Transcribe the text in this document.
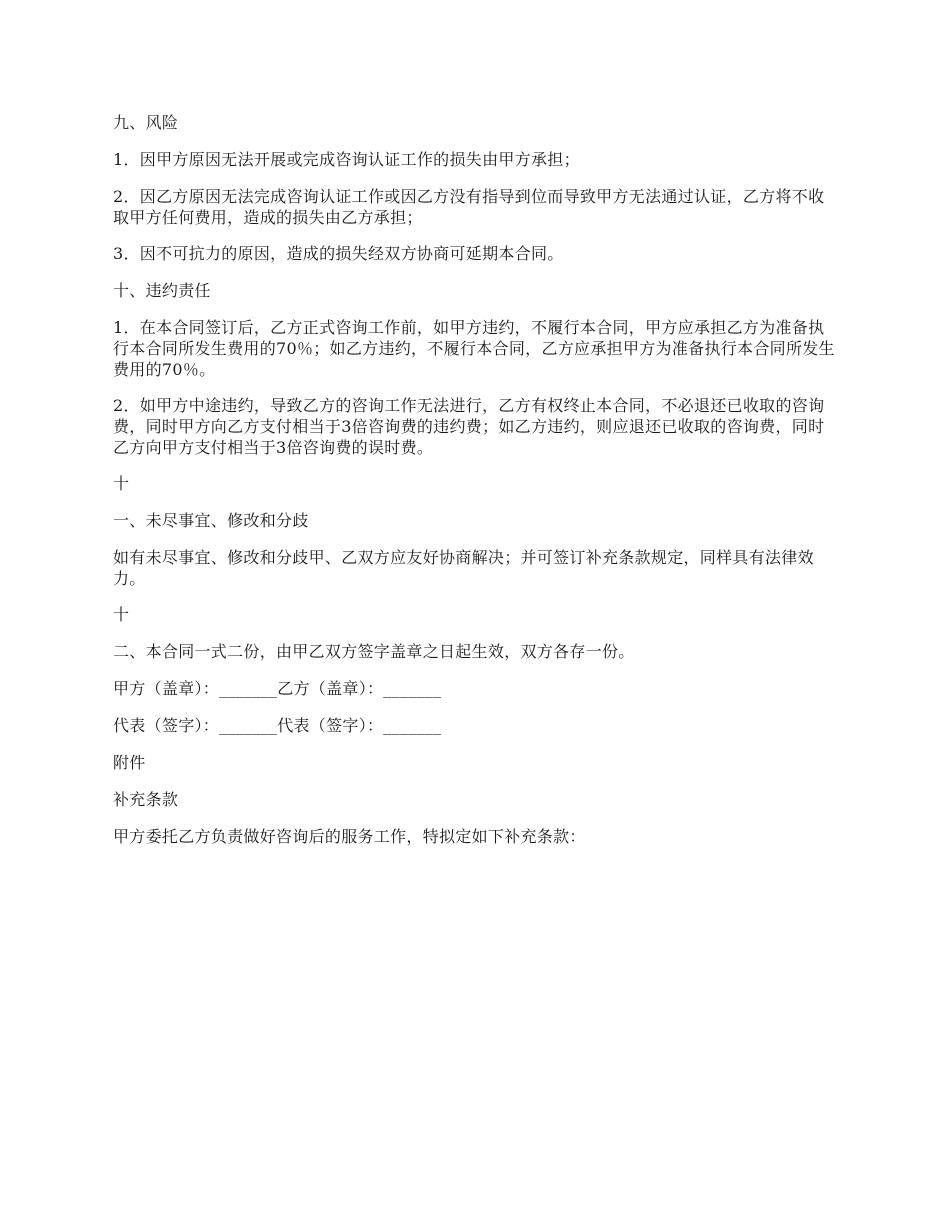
九、风险

1．因甲方原因无法开展或完成咨询认证工作的损失由甲方承担；

2．因乙方原因无法完成咨询认证工作或因乙方没有指导到位而导致甲方无法通过认证，乙方将不收取甲方任何费用，造成的损失由乙方承担；

3．因不可抗力的原因，造成的损失经双方协商可延期本合同。

十、违约责任

1．在本合同签订后，乙方正式咨询工作前，如甲方违约，不履行本合同，甲方应承担乙方为准备执行本合同所发生费用的70％；如乙方违约，不履行本合同，乙方应承担甲方为准备执行本合同所发生费用的70％。

2．如甲方中途违约，导致乙方的咨询工作无法进行，乙方有权终止本合同，不必退还已收取的咨询费，同时甲方向乙方支付相当于3倍咨询费的违约费；如乙方违约，则应退还已收取的咨询费，同时乙方向甲方支付相当于3倍咨询费的误时费。

十

一、未尽事宜、修改和分歧

如有未尽事宜、修改和分歧甲、乙双方应友好协商解决；并可签订补充条款规定，同样具有法律效力。

十

二、本合同一式二份，由甲乙双方签字盖章之日起生效，双方各存一份。

甲方（盖章）：_______乙方（盖章）：_______

代表（签字）：_______代表（签字）：_______

附件

补充条款

甲方委托乙方负责做好咨询后的服务工作，特拟定如下补充条款：
